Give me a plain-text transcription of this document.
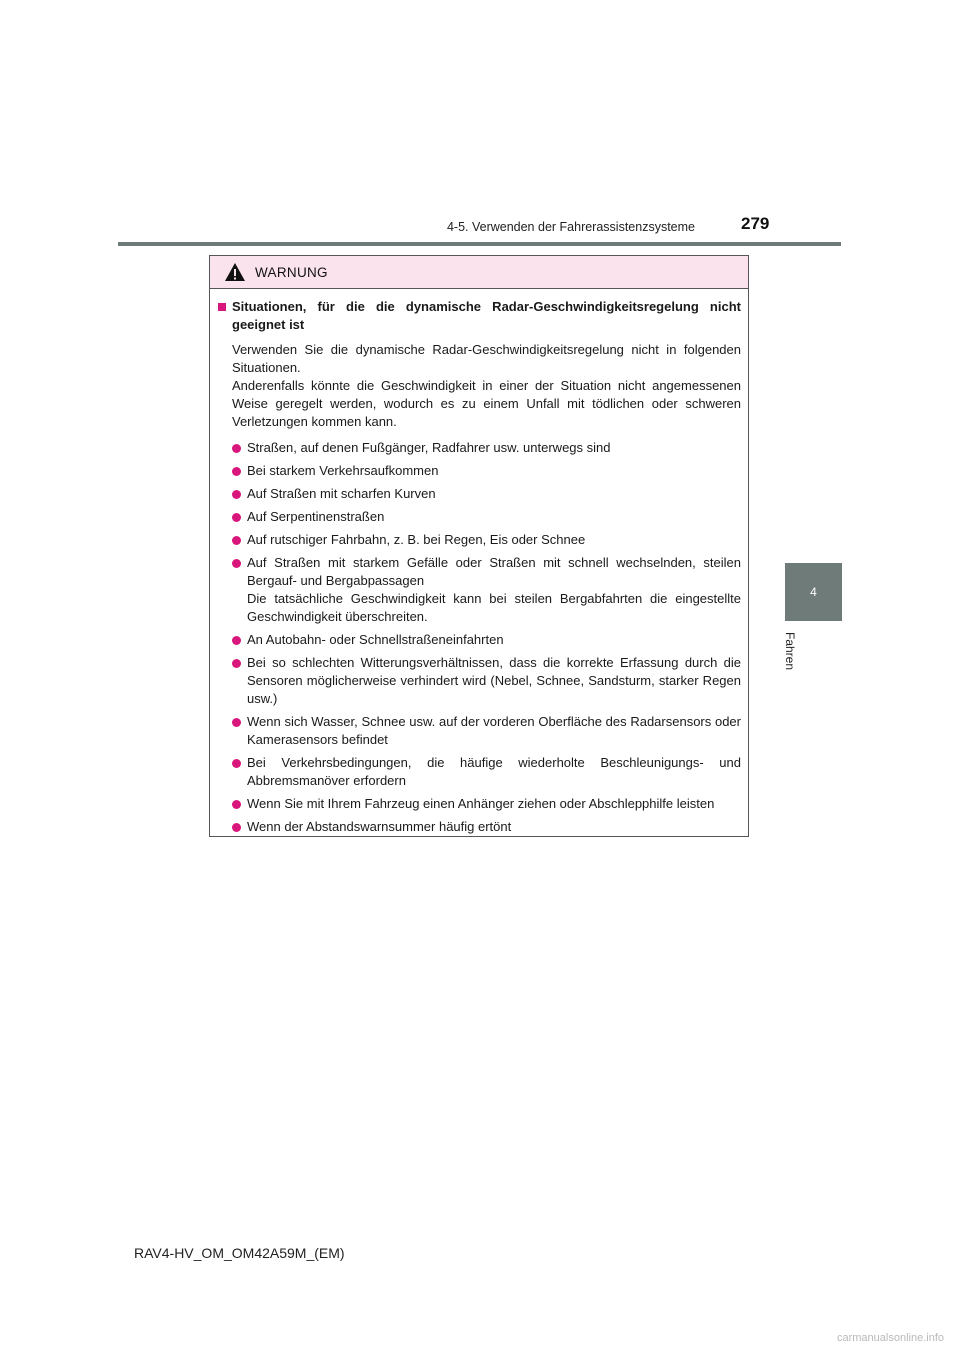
4-5. Verwenden der Fahrerassistenzsysteme	279
4
Fahren
WARNUNG
Situationen, für die die dynamische Radar-Geschwindigkeitsregelung nicht geeignet ist
Verwenden Sie die dynamische Radar-Geschwindigkeitsregelung nicht in folgenden Situationen.
Anderenfalls könnte die Geschwindigkeit in einer der Situation nicht angemessenen Weise geregelt werden, wodurch es zu einem Unfall mit tödlichen oder schweren Verletzungen kommen kann.
Straßen, auf denen Fußgänger, Radfahrer usw. unterwegs sind
Bei starkem Verkehrsaufkommen
Auf Straßen mit scharfen Kurven
Auf Serpentinenstraßen
Auf rutschiger Fahrbahn, z. B. bei Regen, Eis oder Schnee
Auf Straßen mit starkem Gefälle oder Straßen mit schnell wechselnden, steilen Bergauf- und Bergabpassagen
Die tatsächliche Geschwindigkeit kann bei steilen Bergabfahrten die eingestellte Geschwindigkeit überschreiten.
An Autobahn- oder Schnellstraßeneinfahrten
Bei so schlechten Witterungsverhältnissen, dass die korrekte Erfassung durch die Sensoren möglicherweise verhindert wird (Nebel, Schnee, Sandsturm, starker Regen usw.)
Wenn sich Wasser, Schnee usw. auf der vorderen Oberfläche des Radarsensors oder Kamerasensors befindet
Bei Verkehrsbedingungen, die häufige wiederholte Beschleunigungs- und Abbremsmanöver erfordern
Wenn Sie mit Ihrem Fahrzeug einen Anhänger ziehen oder Abschlepphilfe leisten
Wenn der Abstandswarnsummer häufig ertönt
RAV4-HV_OM_OM42A59M_(EM)
carmanualsonline.info
